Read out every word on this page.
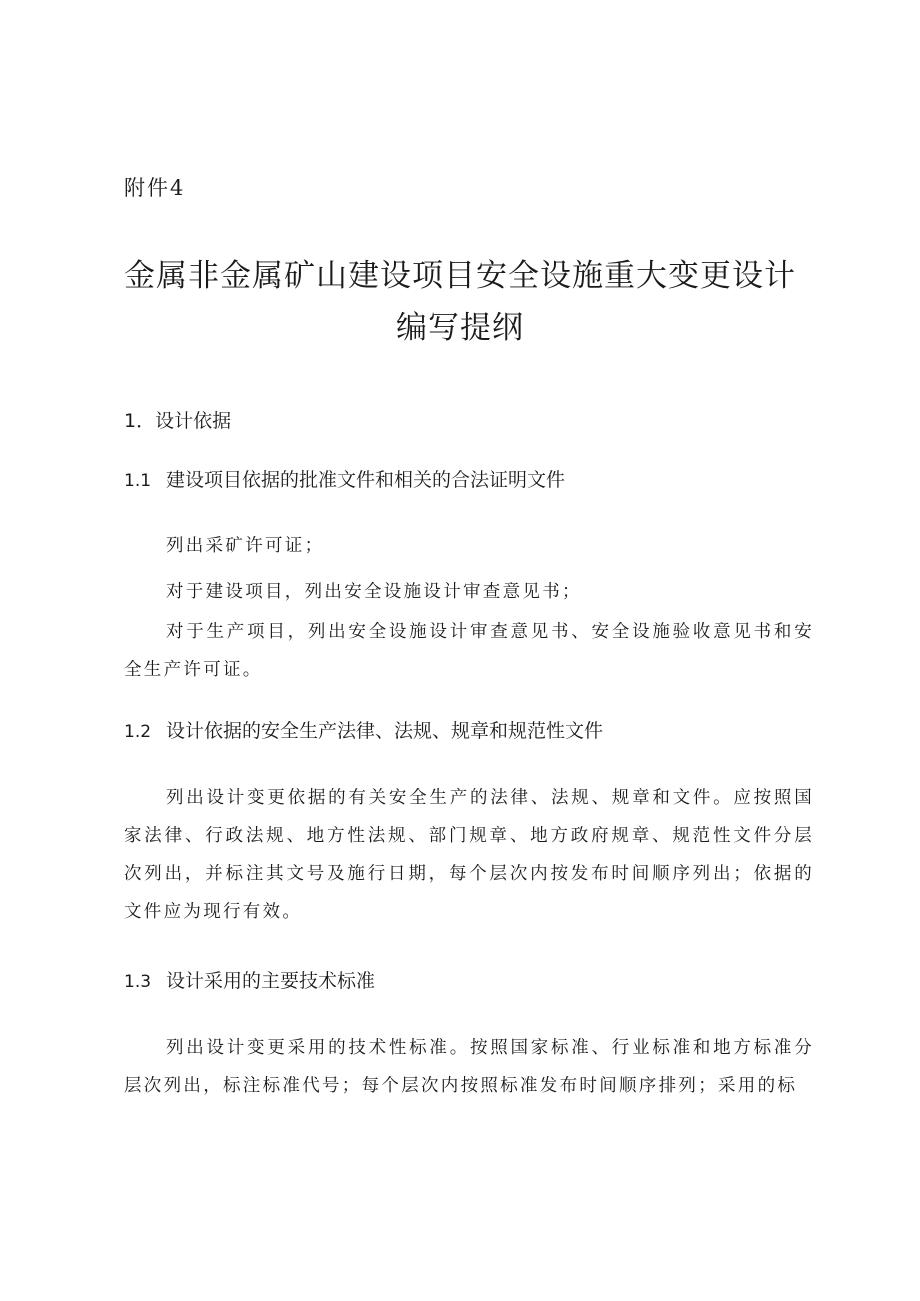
附件4
金属非金属矿山建设项目安全设施重大变更设计编写提纲
1．设计依据
1.1 建设项目依据的批准文件和相关的合法证明文件

列出采矿许可证；

对于建设项目，列出安全设施设计审查意见书；

对于生产项目，列出安全设施设计审查意见书、安全设施验收意见书和安全生产许可证。

1.2 设计依据的安全生产法律、法规、规章和规范性文件

列出设计变更依据的有关安全生产的法律、法规、规章和文件。应按照国家法律、行政法规、地方性法规、部门规章、地方政府规章、规范性文件分层次列出，并标注其文号及施行日期，每个层次内按发布时间顺序列出；依据的文件应为现行有效。

1.3 设计采用的主要技术标准

列出设计变更采用的技术性标准。按照国家标准、行业标准和地方标准分层次列出，标注标准代号；每个层次内按照标准发布时间顺序排列；采用的标
